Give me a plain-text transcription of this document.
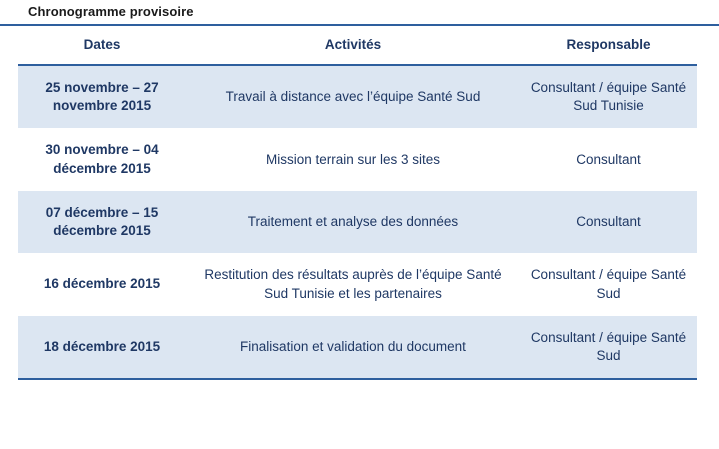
Chronogramme provisoire
Dates	Activités	Responsable
25 novembre – 27 novembre 2015	Travail à distance avec l’équipe Santé Sud	Consultant / équipe Santé Sud Tunisie
30 novembre – 04 décembre 2015	Mission terrain sur les 3 sites	Consultant
07 décembre – 15 décembre 2015	Traitement et analyse des données	Consultant
16 décembre 2015	Restitution des résultats auprès de l’équipe Santé Sud Tunisie et les partenaires	Consultant / équipe Santé Sud
18 décembre 2015	Finalisation et validation du document	Consultant / équipe Santé Sud
